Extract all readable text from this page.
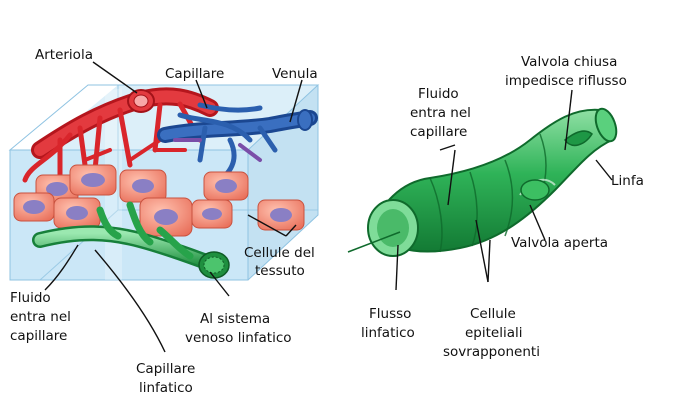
Arteriola
Capillare	Venula
Cellule del
tessuto
Fluido
entra nel
capillare
Al sistema
venoso linfatico
Capillare
linfatico
Fluido
entra nel
capillare
Valvola chiusa
impedisce riflusso
Linfa
Valvola aperta
Flusso
linfatico
Cellule
epiteliali
sovrapponenti
